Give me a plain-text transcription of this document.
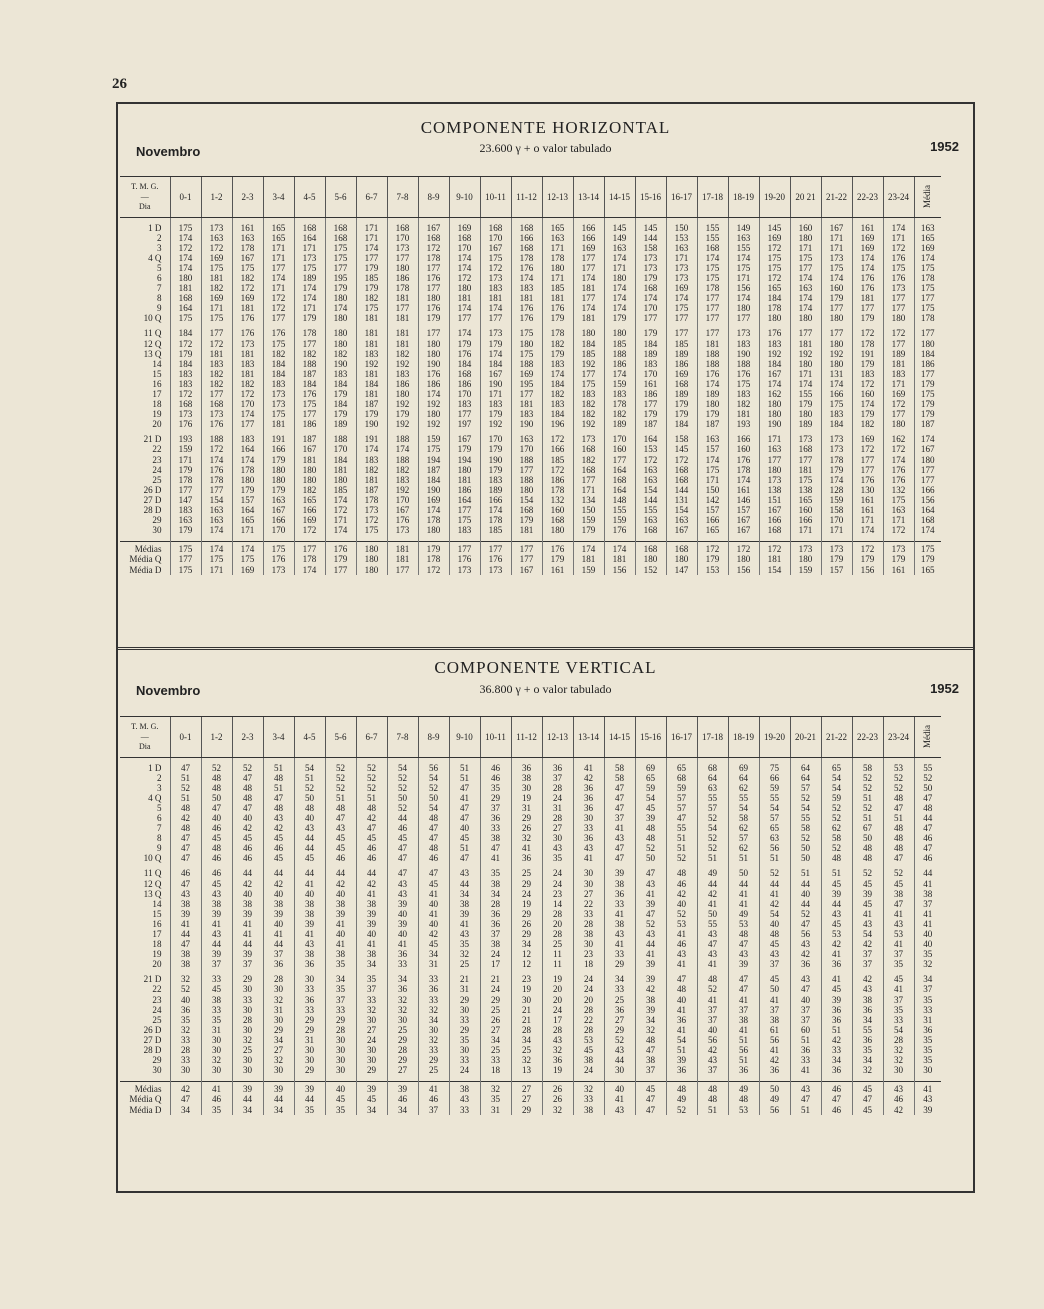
26
COMPONENTE HORIZONTAL
23.600 γ + o valor tabulado
Novembro	1952
T. M. G.
—
Dia	0-1	1-2	2-3	3-4	4-5	5-6	6-7	7-8	8-9	9-10	10-11	11-12	12-13	13-14	14-15	15-16	16-17	17-18	18-19	19-20	20 21	21-22	22-23	23-24	Média

1 D	175	173	161	165	168	168	171	168	167	169	168	168	165	166	145	145	150	155	149	145	160	167	161	174	163
2	174	163	163	165	164	168	171	170	168	168	170	166	163	166	149	144	153	155	163	169	180	171	169	171	165
3	172	172	178	171	171	175	174	173	172	170	167	168	171	169	163	158	163	168	155	172	171	171	169	172	169
4 Q	174	169	167	171	173	175	177	177	178	174	175	178	178	177	174	173	171	174	174	175	175	173	174	176	174
5	174	175	175	177	175	177	179	180	177	174	172	176	180	177	171	173	173	175	175	175	177	175	174	175	175
6	180	181	182	174	189	195	185	186	176	172	173	174	171	174	180	179	173	175	171	172	174	174	176	176	178
7	181	182	172	171	174	179	179	178	177	180	183	183	185	181	174	168	169	178	156	165	163	160	176	173	175
8	168	169	169	172	174	180	182	181	180	181	181	181	181	177	174	174	174	177	174	184	174	179	181	177	177
9	164	171	181	172	171	174	175	177	176	174	174	176	176	174	174	170	175	177	180	178	174	177	177	177	175
10 Q	175	175	176	177	179	180	181	181	179	177	177	176	179	181	179	177	177	177	177	180	180	180	179	180	178

11 Q	184	177	176	176	178	180	181	181	177	174	173	175	178	180	180	179	177	177	173	176	177	177	172	172	177
12 Q	172	172	173	175	177	180	181	181	180	179	179	180	182	184	185	184	185	181	183	183	181	180	178	177	180
13 Q	179	181	181	182	182	182	183	182	180	176	174	175	179	185	188	189	189	188	190	192	192	192	191	189	184
14	184	183	183	184	188	190	192	192	190	184	184	188	183	192	186	183	186	188	188	184	180	180	179	181	186
15	183	182	181	184	187	183	181	183	176	168	167	169	174	177	174	170	169	176	176	167	171	131	183	183	177
16	183	182	182	183	184	184	184	186	186	186	190	195	184	175	159	161	168	174	175	174	174	174	172	171	179
17	172	177	172	173	176	179	181	180	174	170	171	177	182	183	183	186	189	189	183	162	155	166	160	169	175
18	168	168	170	173	175	184	187	192	192	183	183	181	183	182	178	177	179	180	182	180	179	175	174	172	179
19	173	173	174	175	177	179	179	179	180	177	179	183	184	182	182	179	179	179	181	180	180	183	179	177	179
20	176	176	177	181	186	189	190	192	192	197	192	190	196	192	189	187	184	187	193	190	189	184	182	180	187

21 D	193	188	183	191	187	188	191	188	159	167	170	163	172	173	170	164	158	163	166	171	173	173	169	162	174
22	159	172	164	166	167	170	174	174	175	179	179	170	166	168	160	153	145	157	160	163	168	173	172	172	167
23	171	174	174	179	181	184	183	188	194	194	190	188	185	182	177	172	172	174	176	177	177	178	177	174	180
24	179	176	178	180	180	181	182	182	187	180	179	177	172	168	164	163	168	175	178	180	181	179	177	176	177
25	178	178	180	180	180	180	181	183	184	181	183	188	186	177	168	163	168	171	174	173	175	174	176	176	177
26 D	177	177	179	179	182	185	187	192	190	186	189	180	178	171	164	154	144	150	161	138	138	128	130	132	166
27 D	147	154	157	163	165	174	178	170	169	164	166	154	132	134	148	144	131	142	146	151	165	159	161	175	156
28 D	183	163	164	167	166	172	173	167	174	177	174	168	160	150	155	155	154	157	157	167	160	158	161	163	164
29	163	163	165	166	169	171	172	176	178	175	178	179	168	159	159	163	163	166	167	166	166	170	171	171	168
30	179	174	171	170	172	174	175	173	180	183	185	181	180	179	176	168	167	165	167	168	171	171	174	172	174

Médias	175	174	174	175	177	176	180	181	179	177	177	177	176	174	174	168	168	172	172	172	173	173	172	173	175
Média Q	177	175	175	176	178	179	180	181	178	176	176	177	179	181	181	180	180	179	180	181	180	179	179	179	179
Média D	175	171	169	173	174	177	180	177	172	173	173	167	161	159	156	152	147	153	156	154	159	157	156	161	165
COMPONENTE VERTICAL
36.800 γ + o valor tabulado
Novembro	1952
T. M. G.
—
Dia	0-1	1-2	2-3	3-4	4-5	5-6	6-7	7-8	8-9	9-10	10-11	11-12	12-13	13-14	14-15	15-16	16-17	17-18	18-19	19-20	20-21	21-22	22-23	23-24	Média

1 D	47	52	52	51	54	52	52	54	56	51	46	36	36	41	58	69	65	68	69	75	64	65	58	53	55
2	51	48	47	48	51	52	52	52	54	51	46	38	37	42	58	65	68	64	64	66	64	54	52	52	52
3	52	48	48	51	52	52	52	52	52	47	35	30	28	36	47	59	59	63	62	59	57	54	52	52	50
4 Q	51	50	48	47	50	51	51	50	50	41	29	19	24	36	47	54	57	55	55	55	52	59	51	48	47
5	48	47	47	48	48	48	48	52	54	47	37	31	31	36	47	45	57	57	54	54	54	52	52	47	48
6	42	40	40	43	40	47	42	44	48	47	36	29	28	30	37	39	47	52	58	57	55	52	51	51	44
7	48	46	42	42	43	43	47	46	47	40	33	26	27	33	41	48	55	54	62	65	58	62	67	48	47
8	47	45	45	45	44	45	45	45	47	45	38	32	30	36	43	48	51	52	57	63	52	58	50	48	46
9	47	48	46	46	44	45	46	47	48	51	47	41	43	43	47	52	51	52	62	56	50	52	48	48	47
10 Q	47	46	46	45	45	46	46	47	46	47	41	36	35	41	47	50	52	51	51	51	50	48	48	47	46

11 Q	46	46	44	44	44	44	44	47	47	43	35	25	24	30	39	47	48	49	50	52	51	51	52	52	44
12 Q	47	45	42	42	41	42	42	43	45	44	38	29	24	30	38	43	46	44	44	44	44	45	45	45	41
13 Q	43	43	40	40	40	40	41	43	41	34	34	24	23	27	36	41	42	42	41	41	40	39	39	38	38
14	38	38	38	38	38	38	38	39	40	38	28	19	14	22	33	39	40	41	41	42	44	44	45	47	37
15	39	39	39	39	38	39	39	40	41	39	36	29	28	33	41	47	52	50	49	54	52	43	41	41	41
16	41	41	41	40	39	41	39	39	40	41	36	26	20	28	38	52	53	55	53	40	47	45	43	43	41
17	44	43	41	41	41	40	40	40	42	43	37	29	28	38	43	43	41	43	48	48	56	53	54	53	40
18	47	44	44	44	43	41	41	41	45	35	38	34	25	30	41	44	46	47	47	45	43	42	42	41	40
19	38	39	39	37	38	38	38	36	34	32	24	12	11	23	33	41	43	43	43	43	42	41	37	37	35
20	38	37	37	36	36	35	34	33	31	25	17	12	11	18	29	39	41	41	39	37	36	36	37	35	32

21 D	32	33	29	28	30	34	35	34	33	21	21	23	19	24	34	39	47	48	47	45	43	41	42	45	34
22	52	45	30	30	33	35	37	36	36	31	24	19	20	24	33	42	48	52	47	50	47	45	43	41	37
23	40	38	33	32	36	37	33	32	33	29	29	30	20	20	25	38	40	41	41	41	40	39	38	37	35
24	36	33	30	31	33	33	32	32	32	30	25	21	24	28	36	39	41	37	37	37	37	36	36	35	33
25	35	35	28	30	29	29	30	30	34	33	26	21	17	22	27	34	36	37	38	38	37	36	34	33	31
26 D	32	31	30	29	29	28	27	25	30	29	27	28	28	28	29	32	41	40	41	61	60	51	55	54	36
27 D	33	30	32	34	31	30	24	29	32	35	34	34	43	53	52	48	54	56	51	56	51	42	36	28	35
28 D	28	30	25	27	30	30	30	28	33	30	25	25	32	45	43	47	51	42	56	41	36	33	35	32	35
29	33	32	30	32	30	30	30	29	29	33	33	32	36	38	44	38	39	43	51	42	33	34	34	32	35
30	30	30	30	30	29	30	29	27	25	24	18	13	19	24	30	37	36	37	36	36	41	36	32	30	30

Médias	42	41	39	39	39	40	39	39	41	38	32	27	26	32	40	45	48	48	49	50	43	46	45	43	41
Média Q	47	46	44	44	44	45	45	46	46	43	35	27	26	33	41	47	49	48	48	49	47	47	47	46	43
Média D	34	35	34	34	35	35	34	34	37	33	31	29	32	38	43	47	52	51	53	56	51	46	45	42	39
